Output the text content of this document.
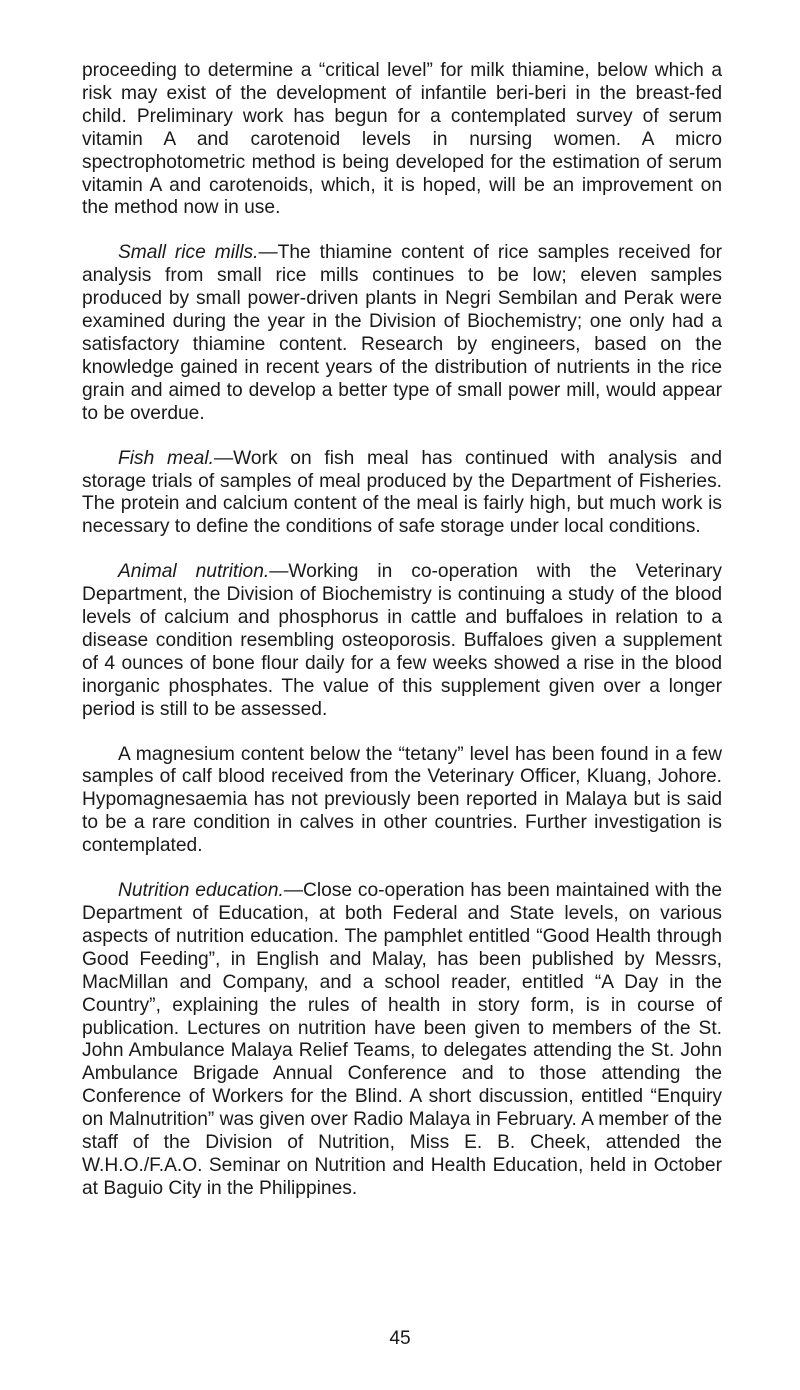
proceeding to determine a “critical level” for milk thiamine, below which a risk may exist of the development of infantile beri-beri in the breast-fed child. Preliminary work has begun for a contemplated survey of serum vitamin A and carotenoid levels in nursing women. A micro spectrophotometric method is being developed for the estimation of serum vitamin A and carotenoids, which, it is hoped, will be an improvement on the method now in use.

Small rice mills.—The thiamine content of rice samples received for analysis from small rice mills continues to be low; eleven samples produced by small power-driven plants in Negri Sembilan and Perak were examined during the year in the Division of Biochemistry; one only had a satisfactory thiamine content. Research by engineers, based on the knowledge gained in recent years of the distribution of nutrients in the rice grain and aimed to develop a better type of small power mill, would appear to be overdue.

Fish meal.—Work on fish meal has continued with analysis and storage trials of samples of meal produced by the Department of Fisheries. The protein and calcium content of the meal is fairly high, but much work is necessary to define the conditions of safe storage under local conditions.

Animal nutrition.—Working in co-operation with the Veterinary Department, the Division of Biochemistry is continuing a study of the blood levels of calcium and phosphorus in cattle and buffaloes in relation to a disease condition resembling osteoporosis. Buffaloes given a supplement of 4 ounces of bone flour daily for a few weeks showed a rise in the blood inorganic phosphates. The value of this supplement given over a longer period is still to be assessed.

A magnesium content below the “tetany” level has been found in a few samples of calf blood received from the Veterinary Officer, Kluang, Johore. Hypomagnesaemia has not previously been reported in Malaya but is said to be a rare condition in calves in other countries. Further investigation is contemplated.

Nutrition education.—Close co-operation has been maintained with the Department of Education, at both Federal and State levels, on various aspects of nutrition education. The pamphlet entitled “Good Health through Good Feeding”, in English and Malay, has been published by Messrs, MacMillan and Company, and a school reader, entitled “A Day in the Country”, explaining the rules of health in story form, is in course of publication. Lectures on nutrition have been given to members of the St. John Ambulance Malaya Relief Teams, to delegates attending the St. John Ambulance Brigade Annual Conference and to those attending the Conference of Workers for the Blind. A short discussion, entitled “Enquiry on Malnutrition” was given over Radio Malaya in February. A member of the staff of the Division of Nutrition, Miss E. B. Cheek, attended the W.H.O./F.A.O. Seminar on Nutrition and Health Education, held in October at Baguio City in the Philippines.

45
